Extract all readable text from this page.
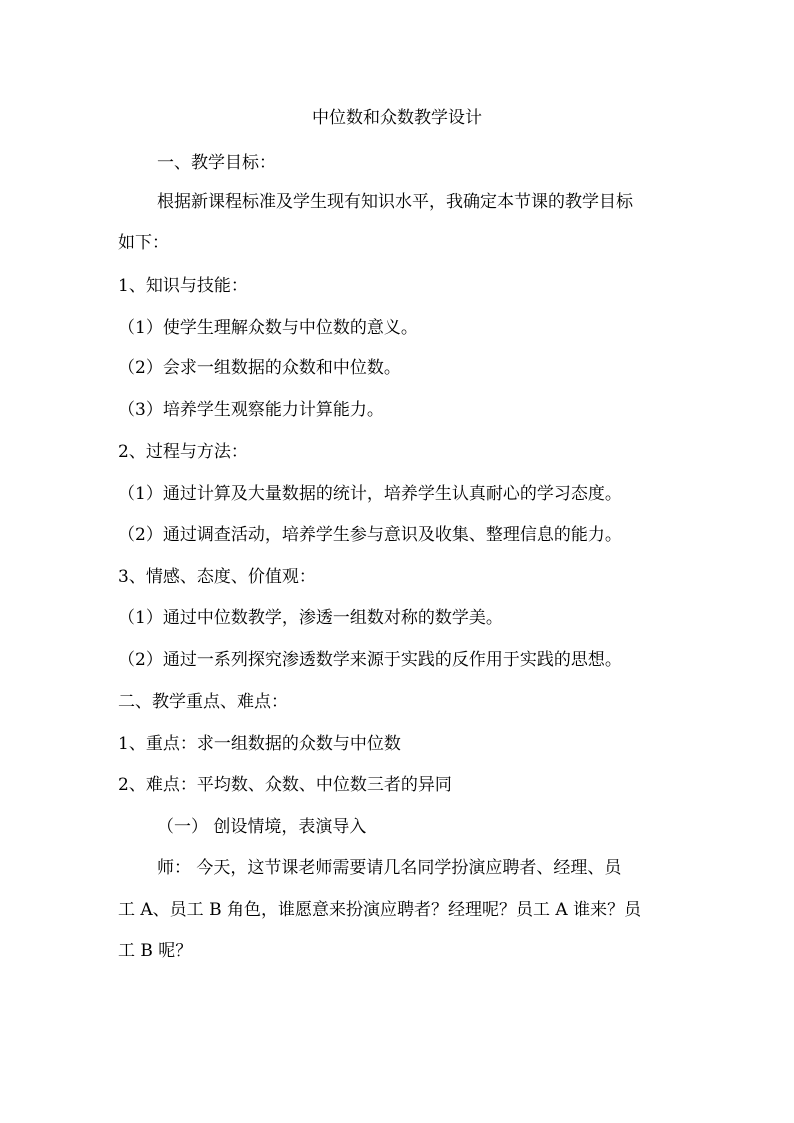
中位数和众数教学设计

一、教学目标：

根据新课程标准及学生现有知识水平，我确定本节课的教学目标

如下：

1、知识与技能：

（1）使学生理解众数与中位数的意义。

（2）会求一组数据的众数和中位数。

（3）培养学生观察能力计算能力。

2、过程与方法：

（1）通过计算及大量数据的统计，培养学生认真耐心的学习态度。

（2）通过调查活动，培养学生参与意识及收集、整理信息的能力。

3、情感、态度、价值观：

（1）通过中位数教学，渗透一组数对称的数学美。

（2）通过一系列探究渗透数学来源于实践的反作用于实践的思想。

二、教学重点、难点：

1、重点：求一组数据的众数与中位数

2、难点：平均数、众数、中位数三者的异同

（一） 创设情境，表演导入

师： 今天，这节课老师需要请几名同学扮演应聘者、经理、员

工 A、员工 B 角色，谁愿意来扮演应聘者？经理呢？员工 A 谁来？员

工 B 呢？
